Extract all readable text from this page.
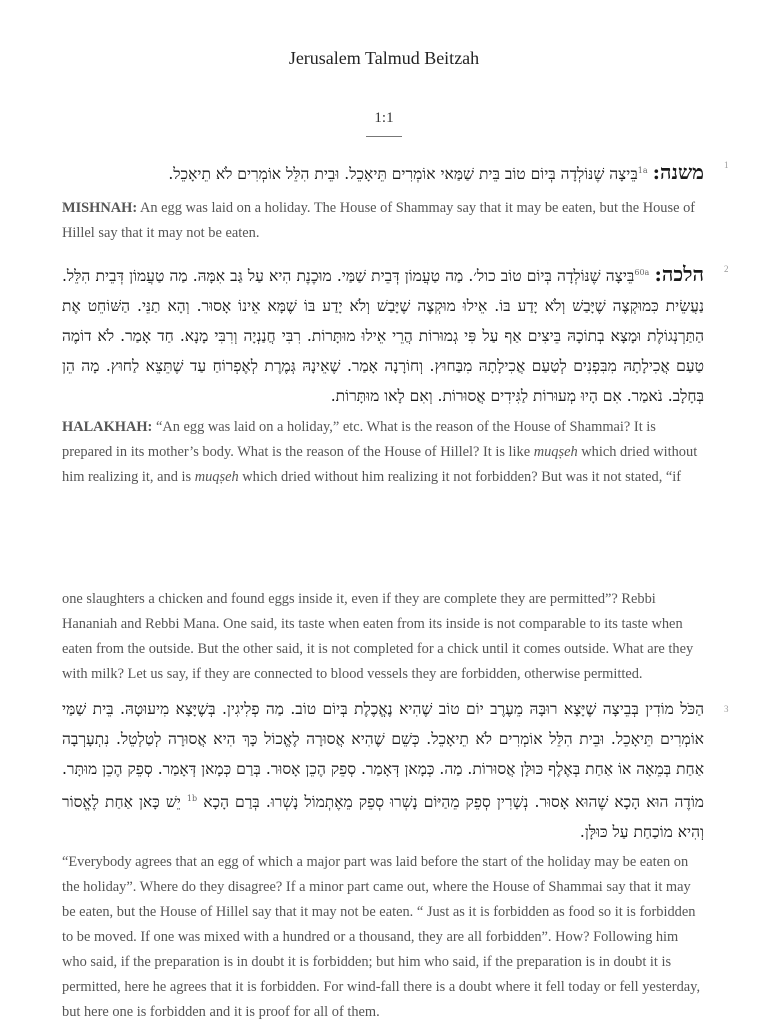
Jerusalem Talmud Beitzah
1:1
1
משנה: $^{1a}$בֵּיצָה שֶׁנּוֹלְדָה בְּיוֹם טוֹב בֵּית שַׁמַּאי אוֹמְרִים תֵּיאָכֵל. וּבֵית הִלֵּל אוֹמְרִים לֹא תֵיאָכֵל.
MISHNAH: An egg was laid on a holiday. The House of Shammay say that it may be eaten, but the House of Hillel say that it may not be eaten.
2
הלכה: $^{60a}$בֵּיצָה שֶׁנּוֹלְדָה בְּיוֹם טוֹב כול׳. מַה טַעֲמוֹן דְּבֵית שַׁמַּי. מוּכֶנֶת הִיא עַל גַּב אִמָּהּ. מַה טַעֲמוֹן דְּבֵית הִלֵּל. נַעֲשֵׂית כִּמוּקְצֶה שֶׁיָּבַשׁ וְלֹא יָדַע בּוֹ. אֵילוּ מוּקְצֶה שֶׁיָּבַשׁ וְלֹא יָדַע בּוֹ שֶׁמָּא אֵינוֹ אָסוּר. וְהָא תַנֵּי. הַשּׁוֹחֵט אֶת הַתַּרְנְגוֹלֶת וּמָצָא בְתוֹכָהּ בֵּיצִים אַף עַל פִּי גְמוּרוֹת הֲרֵי אֵילוּ מוּתָּרוֹת. רִבִּי חֲנַנְיָה וְרִבִּי מָנָא. חַד אָמַר. לֹא דוֹמֶה טַעַם אֲכִילָתָהּ מִבִּפְנִים לְטַעַם אֲכִילָתָהּ מִבַּחוּץ. וְחוֹרָנָה אָמַר. שֶׁאֵינָהּ גְּמֶרֶת לְאֶפְרוֹחַ עַד שֶׁתֵּצֵא לַחוּץ. מָה הֵן בְּחָלָב. נֹאמַר. אִם הָיוּ מְעוּרוֹת לַגִּידִים אֲסוּרוֹת. וְאִם לָאו מוּתָּרוֹת.
HALAKHAH: “An egg was laid on a holiday,” etc. What is the reason of the House of Shammai? It is prepared in its mother’s body. What is the reason of the House of Hillel? It is like muqṣeh which dried without him realizing it, and is muqṣeh which dried without him realizing it not forbidden? But was it not stated, “if
one slaughters a chicken and found eggs inside it, even if they are complete they are permitted”? Rebbi Hananiah and Rebbi Mana. One said, its taste when eaten from its inside is not comparable to its taste when eaten from the outside. But the other said, it is not completed for a chick until it comes outside. What are they with milk? Let us say, if they are connected to blood vessels they are forbidden, otherwise permitted.
3
הַכֹּל מוֹדִין בְּבֵיצָה שֶׁיָּצָא רוּבָּהּ מֵעֶרֶב יוֹם טוֹב שֶׁהִיא נֶאֱכֶלֶת בְּיוֹם טוֹב. מַה פְלִיגִין. בְּשֶׁיָּצָא מִיעוּטָהּ. בֵּית שַׁמַּי אוֹמְרִים תֵּיאָכֵל. וּבֵית הִלֵּל אוֹמְרִים לֹא תֵיאָכֵל. כְּשֵׁם שֶׁהִיא אֲסוּרָה לֶאֱכוֹל כָּךְ הִיא אֲסוּרָה לְטַלְטֵל. נִתְעָרְבָה אַחַת בְּמֵאָה אוֹ אַחַת בְּאֶלֶף כּוּלָּן אֲסוּרוֹת. מַה. כְּמָאן דְּאָמַר. סְפֵק הֶכֵן אָסוּר. בְּרַם כְּמָאן דְּאָמַר. סְפֵק הֶכֵן מוּתָּר. מוֹדֶה הוּא הָכָא שֶׁהוּא אָסוּר. נְשָׁרִין סְפֵק מֵהַיּוֹם נָשְׁרוּ סְפֵק מֵאֶתְמוֹל נָשְׁרוּ. בְּרַם הָכָא $^{1b}$ יֵשׁ כָּאן אַחַת לֶאֱסוֹר וְהִיא מוֹכַחַת עַל כּוּלָּן.
“Everybody agrees that an egg of which a major part was laid before the start of the holiday may be eaten on the holiday”. Where do they disagree? If a minor part came out, where the House of Shammai say that it may be eaten, but the House of Hillel say that it may not be eaten. “ Just as it is forbidden as food so it is forbidden to be moved. If one was mixed with a hundred or a thousand, they are all forbidden”. How? Following him who said, if the preparation is in doubt it is forbidden; but him who said, if the preparation is in doubt it is permitted, here he agrees that it is forbidden. For wind-fall there is a doubt where it fell today or fell yesterday, but here one is forbidden and it is proof for all of them.
